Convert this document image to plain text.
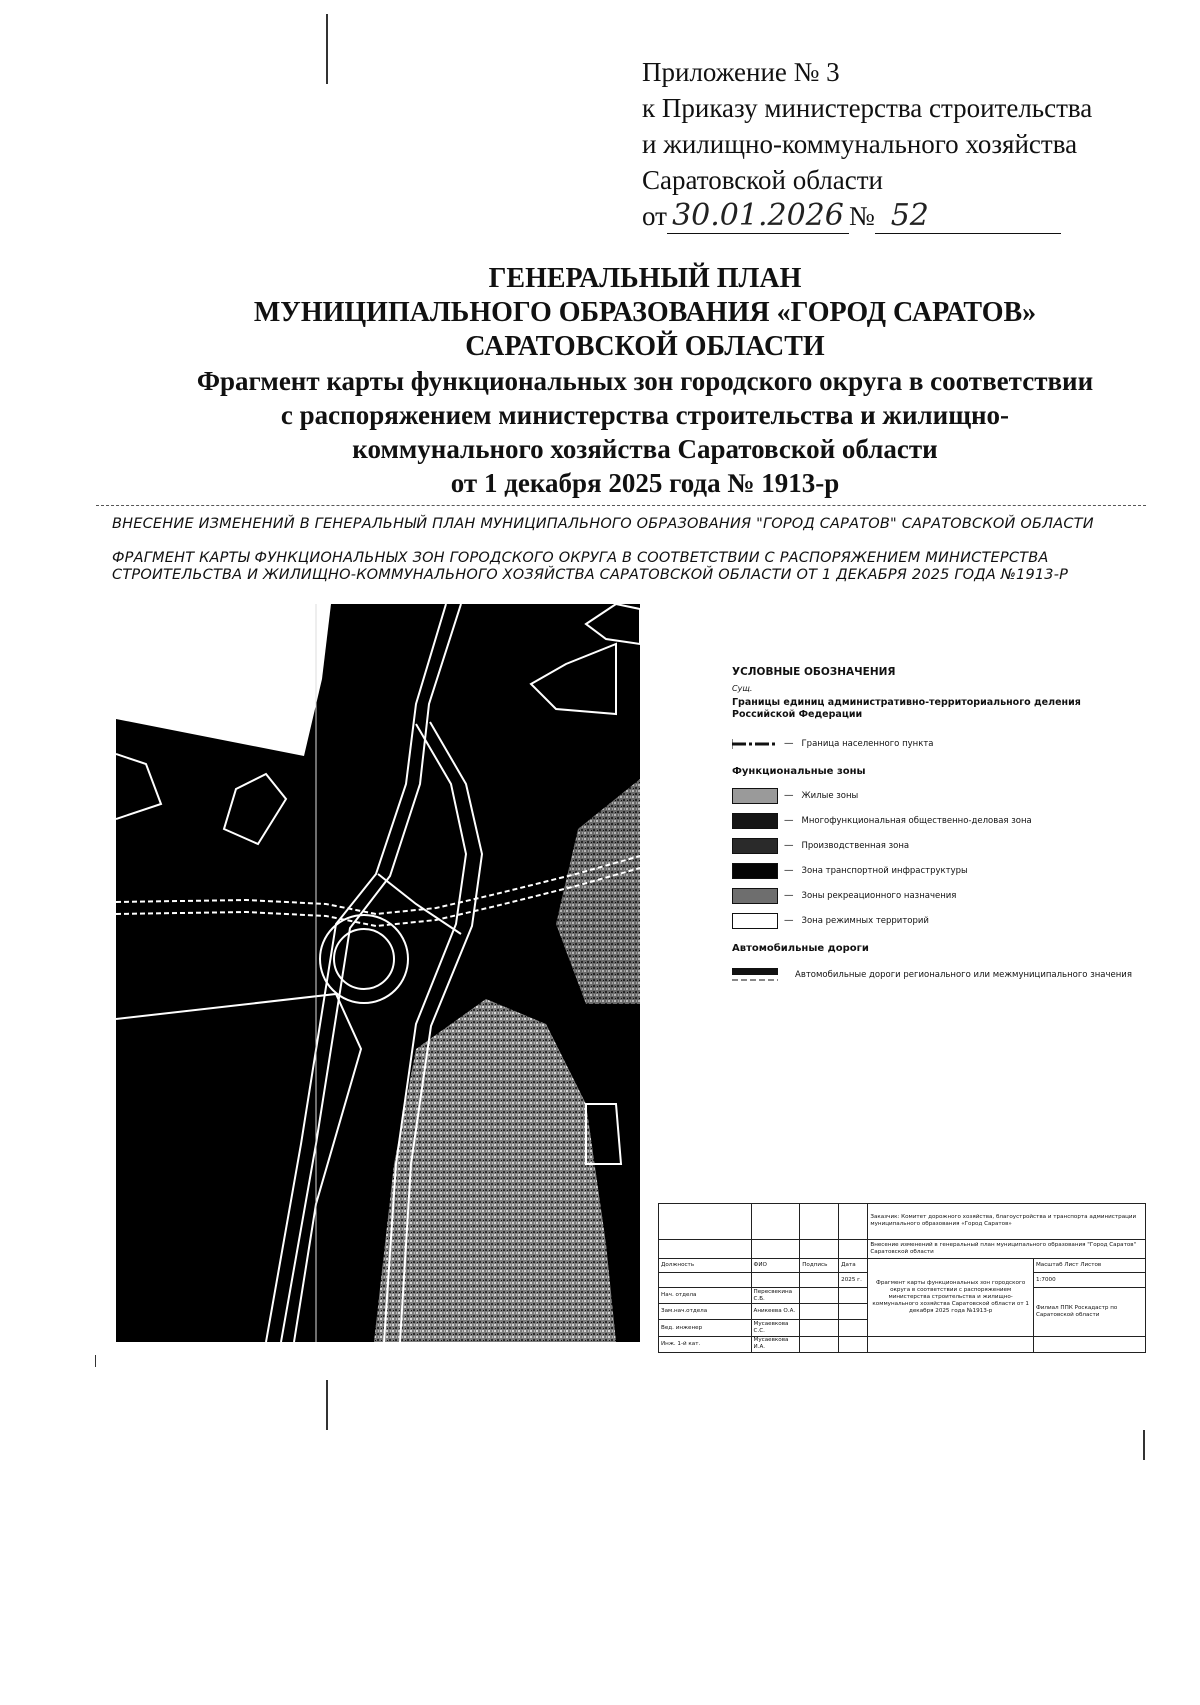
Приложение № 3
к Приказу министерства строительства
и жилищно-коммунального хозяйства
Саратовской области
от 30.01.2026 № 52
ГЕНЕРАЛЬНЫЙ ПЛАН
МУНИЦИПАЛЬНОГО ОБРАЗОВАНИЯ «ГОРОД САРАТОВ»
САРАТОВСКОЙ ОБЛАСТИ
Фрагмент карты функциональных зон городского округа в соответствии
с распоряжением министерства строительства и жилищно-
коммунального хозяйства Саратовской области
от 1 декабря 2025 года № 1913-р
ВНЕСЕНИЕ ИЗМЕНЕНИЙ В ГЕНЕРАЛЬНЫЙ ПЛАН МУНИЦИПАЛЬНОГО ОБРАЗОВАНИЯ "ГОРОД САРАТОВ" САРАТОВСКОЙ ОБЛАСТИ
ФРАГМЕНТ КАРТЫ ФУНКЦИОНАЛЬНЫХ ЗОН ГОРОДСКОГО ОКРУГА В СООТВЕТСТВИИ С РАСПОРЯЖЕНИЕМ МИНИСТЕРСТВА СТРОИТЕЛЬСТВА И ЖИЛИЩНО-КОММУНАЛЬНОГО ХОЗЯЙСТВА САРАТОВСКОЙ ОБЛАСТИ ОТ 1 ДЕКАБРЯ 2025 ГОДА №1913-Р
УСЛОВНЫЕ ОБОЗНАЧЕНИЯ
Сущ.
Границы единиц административно-территориального деления Российской Федерации
— Граница населенного пункта
Функциональные зоны
— Жилые зоны
— Многофункциональная общественно-деловая зона
— Производственная зона
— Зона транспортной инфраструктуры
— Зоны рекреационного назначения
— Зона режимных территорий
Автомобильные дороги

Автомобильные дороги регионального или межмуниципального значения
				Заказчик: Комитет дорожного хозяйства, благоустройства и транспорта администрации муниципального образования «Город Саратов»	
				Внесение изменений в генеральный план муниципального образования "Город Саратов" Саратовской области	
Должность	ФИО	Подпись	Дата	Фрагмент карты функциональных зон городского округа в соответствии с распоряжением министерства строительства и жилищно-коммунального хозяйства Саратовской области от 1 декабря 2025 года №1913-р	Масштаб Лист Листов
			2025 г.		1:7000
Нач. отдела	Пересвекина С.Б.				Филиал ППК Роскадастр по Саратовской области
Зам.нач.отдела	Аникеева О.А.				
Вед. инженер	Мусаевкова С.С.				
Инж. 1-й кат.	Мусаевкова И.А.				
